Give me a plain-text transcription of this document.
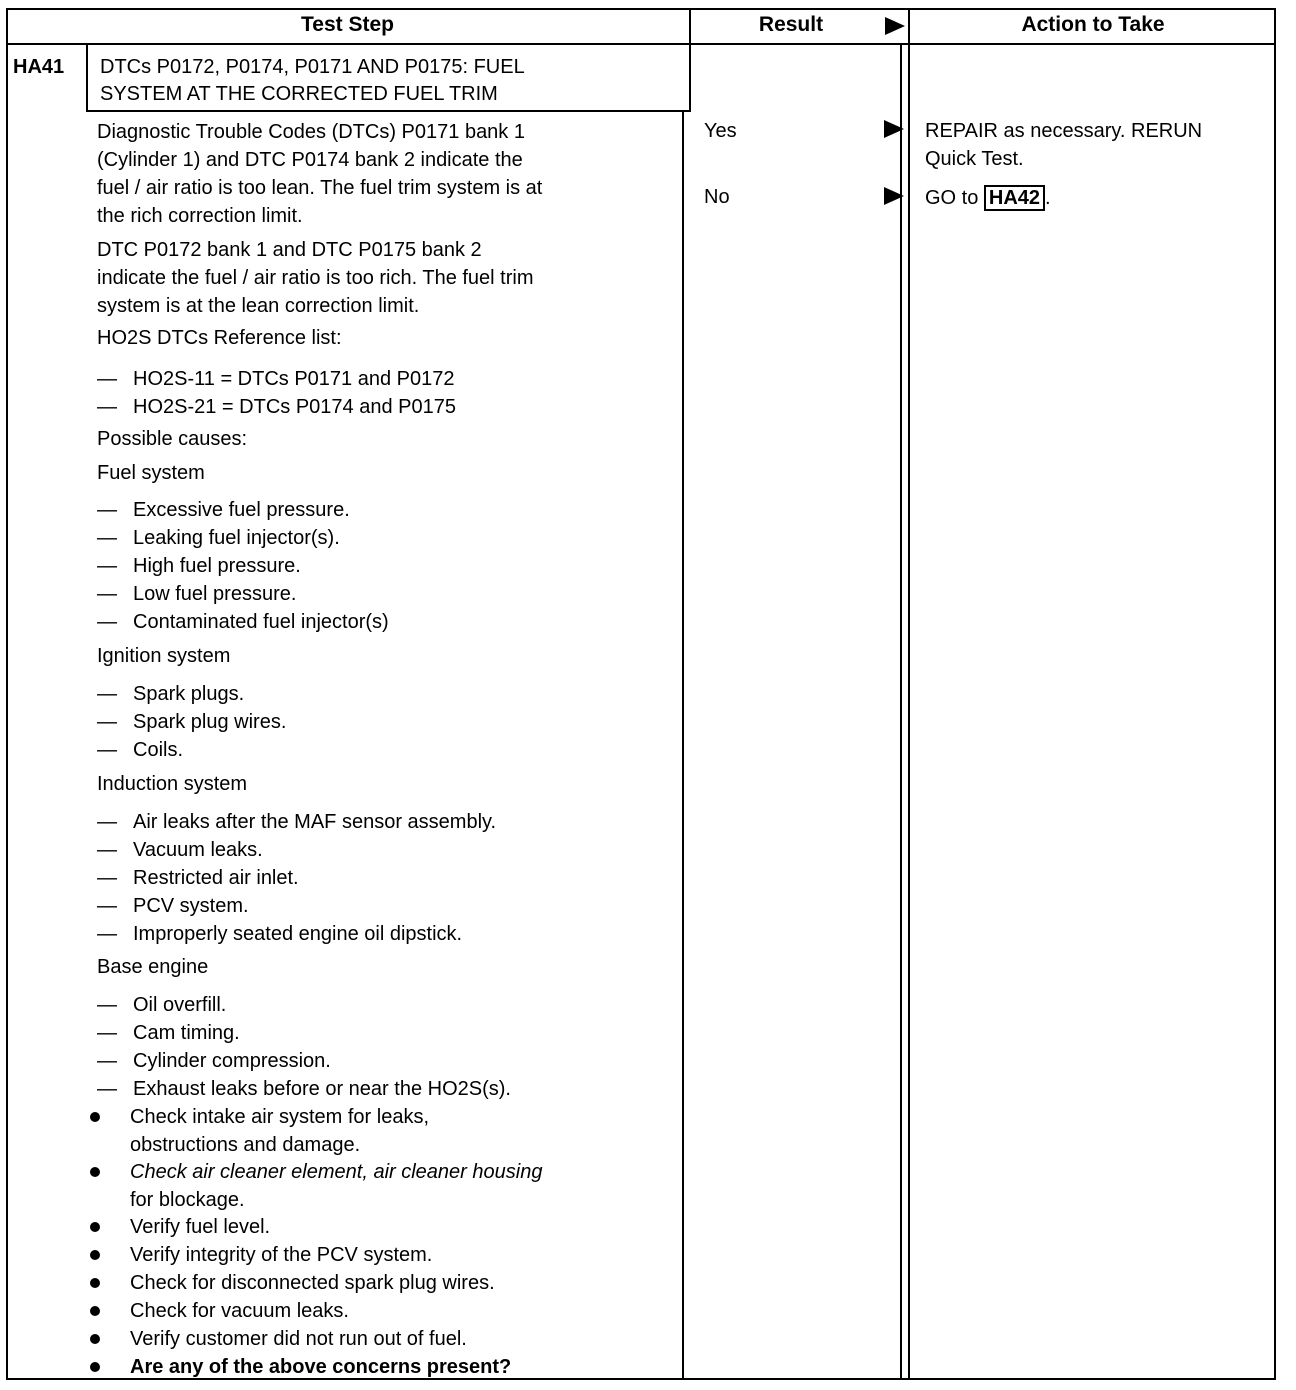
Test Step	Result	Action to Take
HA41 DTCs P0172, P0174, P0171 AND P0175: FUEL
SYSTEM AT THE CORRECTED FUEL TRIM
Diagnostic Trouble Codes (DTCs) P0171 bank 1
(Cylinder 1) and DTC P0174 bank 2 indicate the
fuel / air ratio is too lean. The fuel trim system is at
the rich correction limit.
DTC P0172 bank 1 and DTC P0175 bank 2
indicate the fuel / air ratio is too rich. The fuel trim
system is at the lean correction limit.
HO2S DTCs Reference list:
— HO2S-11 = DTCs P0171 and P0172
— HO2S-21 = DTCs P0174 and P0175
Possible causes:
Fuel system
— Excessive fuel pressure.
— Leaking fuel injector(s).
— High fuel pressure.
— Low fuel pressure.
— Contaminated fuel injector(s)
Ignition system
— Spark plugs.
— Spark plug wires.
— Coils.
Induction system
— Air leaks after the MAF sensor assembly.
— Vacuum leaks.
— Restricted air inlet.
— PCV system.
— Improperly seated engine oil dipstick.
Base engine
— Oil overfill.
— Cam timing.
— Cylinder compression.
— Exhaust leaks before or near the HO2S(s).
Check intake air system for leaks,
obstructions and damage.
Check air cleaner element, air cleaner housing
for blockage.
Verify fuel level.
Verify integrity of the PCV system.
Check for disconnected spark plug wires.
Check for vacuum leaks.
Verify customer did not run out of fuel.
Are any of the above concerns present?
Yes
No
REPAIR as necessary. RERUN
Quick Test.
GO to HA42 .
